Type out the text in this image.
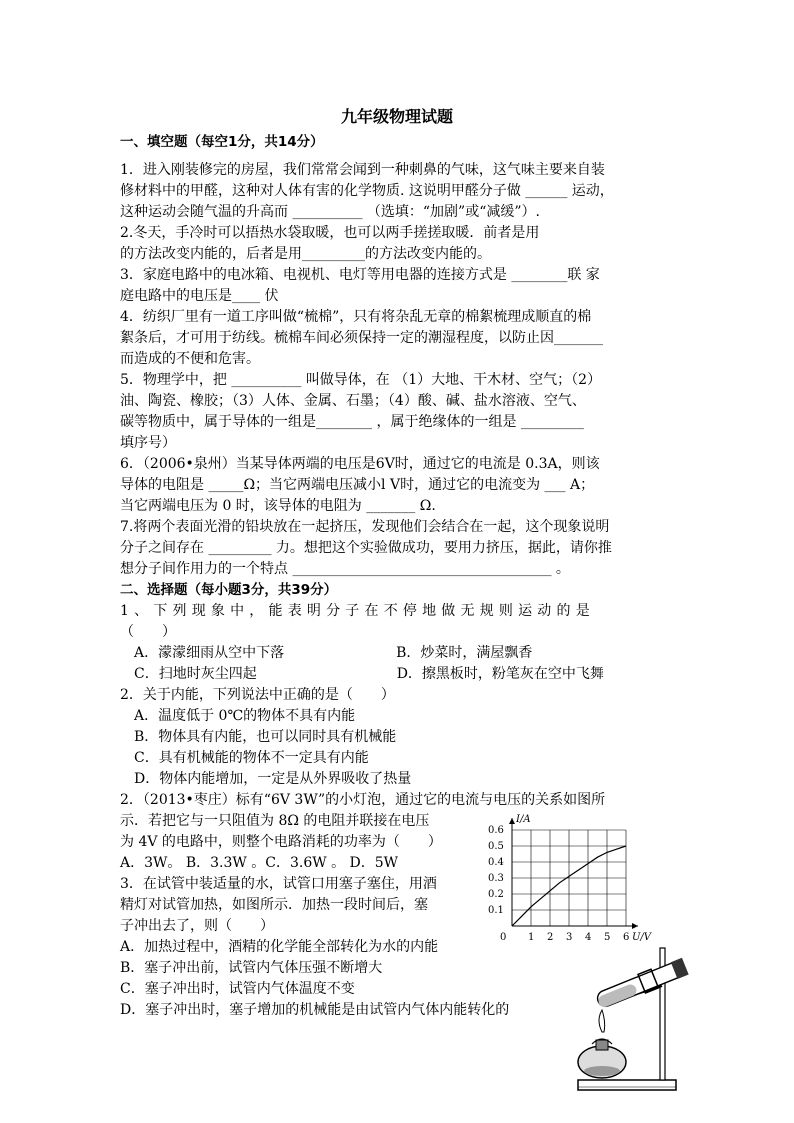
九年级物理试题
一、填空题（每空1分，共14分）
1．进入刚装修完的房屋，我们常常会闻到一种刺鼻的气味，这气味主要来自装
修材料中的甲醛，这种对人体有害的化学物质. 这说明甲醛分子做 ______ 运动，
这种运动会随气温的升高而 __________ （选填：“加剧”或“减缓”）.
2.冬天，手冷时可以捂热水袋取暖，也可以两手搓搓取暖．前者是用
的方法改变内能的，后者是用_________的方法改变内能的。
3．家庭电路中的电冰箱、电视机、电灯等用电器的连接方式是 ________联 家
庭电路中的电压是____ 伏
4．纺织厂里有一道工序叫做“梳棉”，只有将杂乱无章的棉絮梳理成顺直的棉
絮条后，才可用于纺线。梳棉车间必须保持一定的潮湿程度，以防止因_______
而造成的不便和危害。
5．物理学中，把 __________ 叫做导体，在 （1）大地、干木材、空气；（2）
油、陶瓷、橡胶；（3）人体、金属、石墨；（4）酸、碱、盐水溶液、空气、
碳等物质中，属于导体的一组是________ ，属于绝缘体的一组是 _________
填序号）
6．（2006•泉州）当某导体两端的电压是6V时，通过它的电流是 0.3A，则该
导体的电阻是 _____Ω；当它两端电压减小l V时，通过它的电流变为 ___ A；
当它两端电压为 0 时，该导体的电阻为 _______ Ω.
7.将两个表面光滑的铅块放在一起挤压，发现他们会结合在一起，这个现象说明
分子之间存在 _________ 力。想把这个实验做成功，要用力挤压，据此，请你推
想分子间作用力的一个特点 _____________________________________ 。
二、选择题（每小题3分，共39分）
1、下列现象中，能表明分子在不停地做无规则运动的是
（　　）
　A．濛濛细雨从空中下落　　　　　　　　B．炒菜时，满屋飘香
　C．扫地时灰尘四起　　　　　　　　　　D．擦黑板时，粉笔灰在空中飞舞
2．关于内能，下列说法中正确的是（　　）
　A．温度低于 0℃的物体不具有内能
　B．物体具有内能，也可以同时具有机械能
　C．具有机械能的物体不一定具有内能
　D．物体内能增加，一定是从外界吸收了热量
2．（2013•枣庄）标有“6V 3W”的小灯泡，通过它的电流与电压的关系如图所
示．若把它与一只阻值为 8Ω 的电阻并联接在电压
为 4V 的电路中，则整个电路消耗的功率为（　　）
A．3W。 B．3.3W 。C．3.6W 。 D．5W
3．在试管中装适量的水，试管口用塞子塞住，用酒
精灯对试管加热，如图所示．加热一段时间后，塞
子冲出去了，则（　　）
A．加热过程中，酒精的化学能全部转化为水的内能
B．塞子冲出前，试管内气体压强不断增大
C．塞子冲出时，试管内气体温度不变
D．塞子冲出时，塞子增加的机械能是由试管内气体内能转化的
0 1 2 3 4 5 6
0.1
0.2
0.3
0.4
0.5
0.6
I/A
U/V
